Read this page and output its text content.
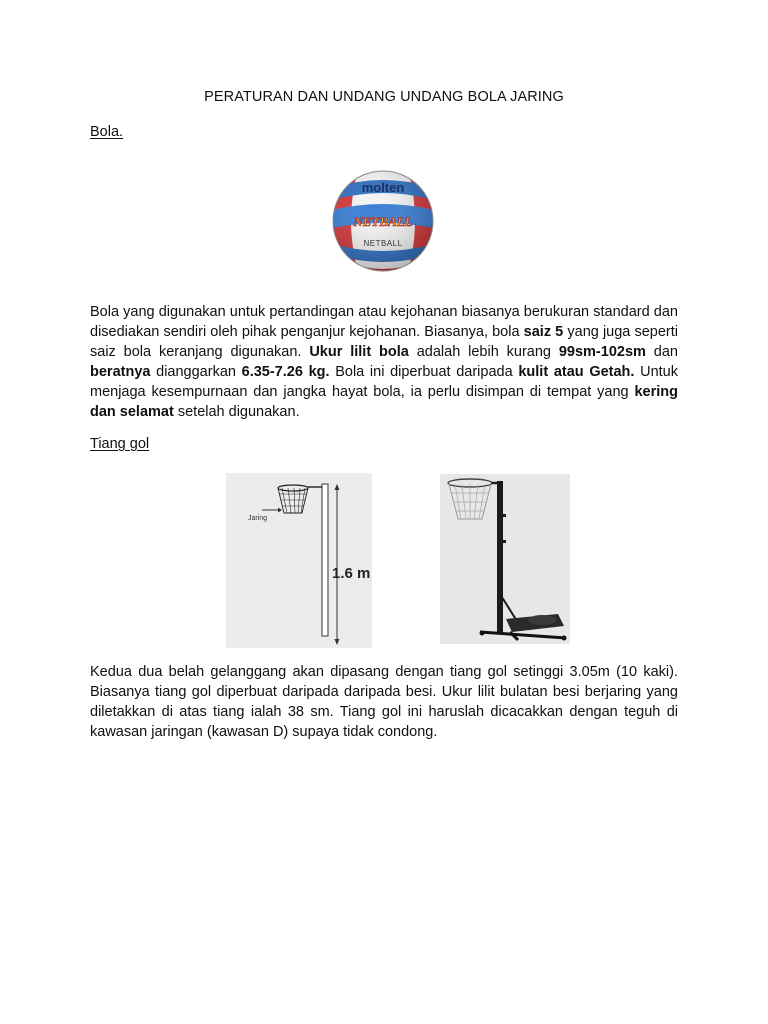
PERATURAN DAN UNDANG UNDANG BOLA JARING
Bola.
molten
NETBALL
NETBALL

Bola yang digunakan untuk pertandingan atau kejohanan biasanya berukuran standard dan disediakan sendiri oleh pihak penganjur kejohanan. Biasanya, bola saiz 5 yang juga seperti saiz bola keranjang digunakan. Ukur lilit bola adalah lebih kurang 99sm-102sm dan beratnya dianggarkan 6.35-7.26 kg. Bola ini diperbuat daripada kulit atau Getah. Untuk menjaga kesempurnaan dan jangka hayat bola, ia perlu disimpan di tempat yang kering dan selamat setelah digunakan.

Tiang gol
Jaring
1.6 m

Kedua dua belah gelanggang akan dipasang dengan tiang gol setinggi 3.05m (10 kaki). Biasanya tiang gol diperbuat daripada daripada besi. Ukur lilit bulatan besi berjaring yang diletakkan di atas tiang ialah 38 sm. Tiang gol ini haruslah dicacakkan dengan teguh di kawasan jaringan (kawasan D) supaya tidak condong.
